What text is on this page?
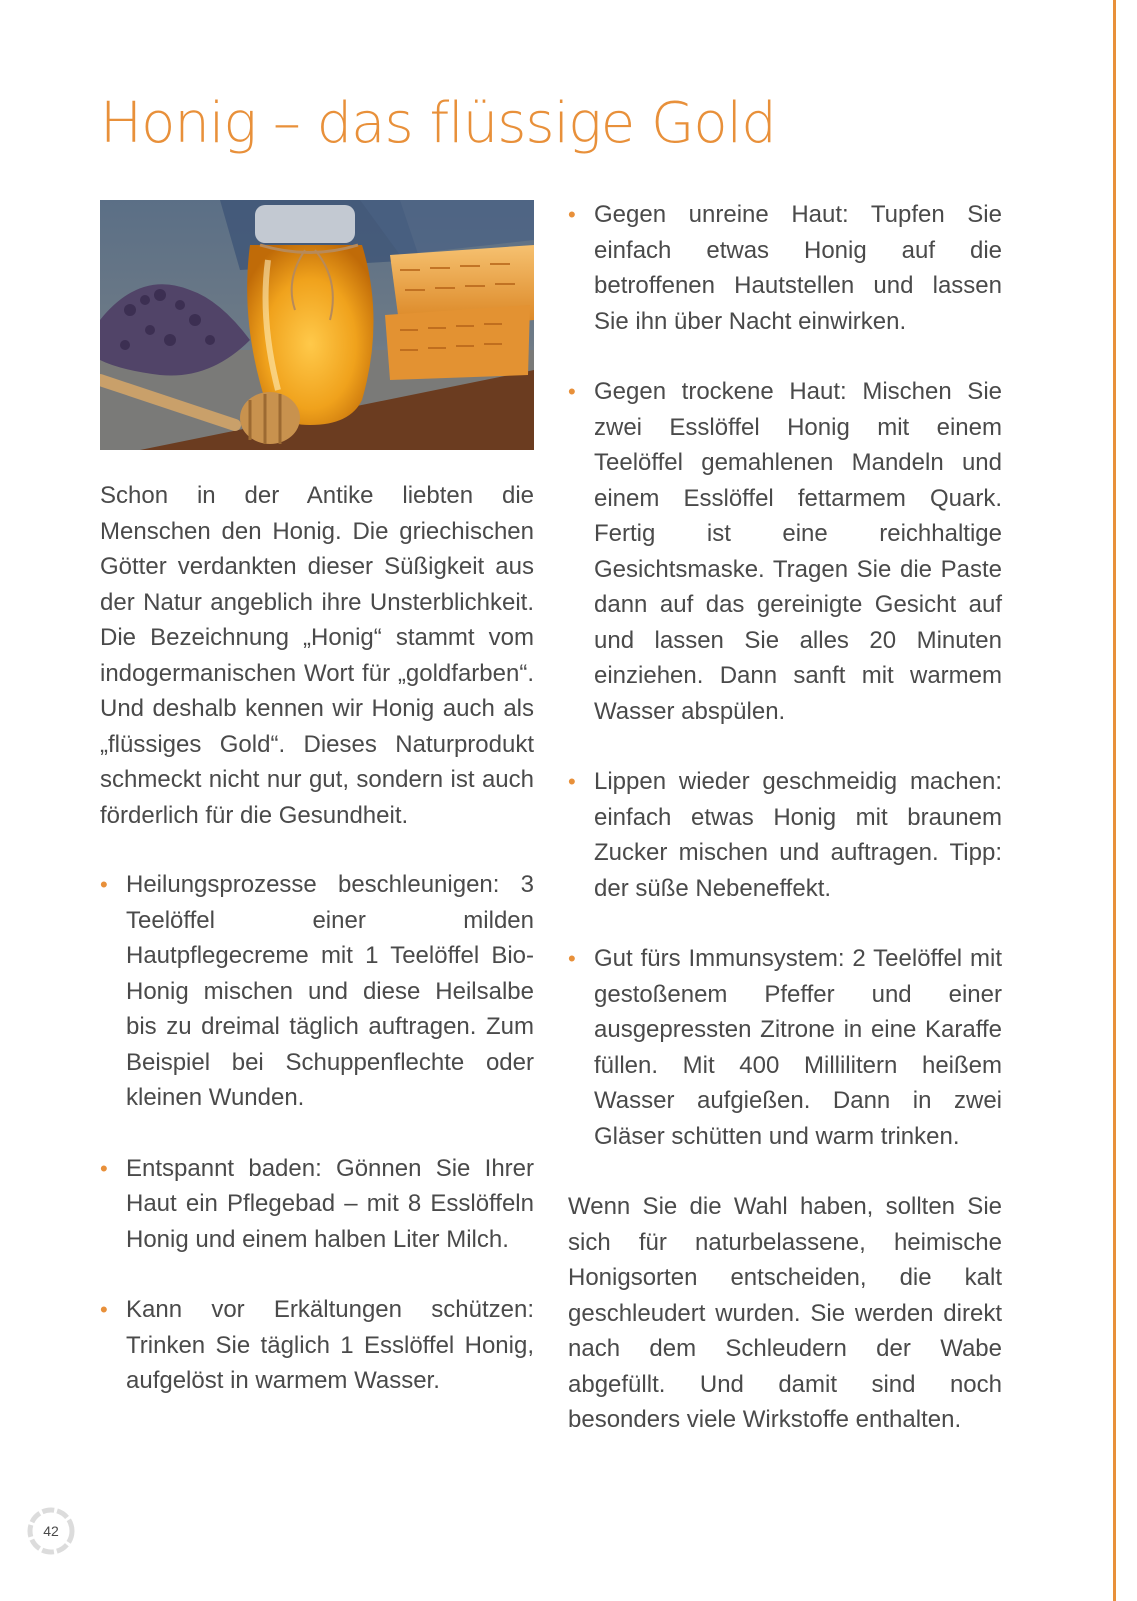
Honig – das flüssige Gold

Schon in der Antike liebten die Menschen den Honig. Die griechischen Götter verdankten dieser Süßigkeit aus der Natur angeblich ihre Unsterblichkeit. Die Bezeichnung „Honig“ stammt vom indogermanischen Wort für „goldfarben“. Und deshalb kennen wir Honig auch als „flüssiges Gold“. Dieses Naturprodukt schmeckt nicht nur gut, sondern ist auch förderlich für die Gesundheit.

• Heilungsprozesse beschleunigen: 3 Teelöffel einer milden Hautpflegecreme mit 1 Teelöffel Bio-Honig mischen und diese Heilsalbe bis zu dreimal täglich auftragen. Zum Beispiel bei Schuppenflechte oder kleinen Wunden.
• Entspannt baden: Gönnen Sie Ihrer Haut ein Pflegebad – mit 8 Esslöffeln Honig und einem halben Liter Milch.
• Kann vor Erkältungen schützen: Trinken Sie täglich 1 Esslöffel Honig, aufgelöst in warmem Wasser.
• Gegen unreine Haut: Tupfen Sie einfach etwas Honig auf die betroffenen Hautstellen und lassen Sie ihn über Nacht einwirken.
• Gegen trockene Haut: Mischen Sie zwei Esslöffel Honig mit einem Teelöffel gemahlenen Mandeln und einem Esslöffel fettarmem Quark. Fertig ist eine reichhaltige Gesichtsmaske. Tragen Sie die Paste dann auf das gereinigte Gesicht auf und lassen Sie alles 20 Minuten einziehen. Dann sanft mit warmem Wasser abspülen.
• Lippen wieder geschmeidig machen: einfach etwas Honig mit braunem Zucker mischen und auftragen. Tipp: der süße Nebeneffekt.
• Gut fürs Immunsystem: 2 Teelöffel mit gestoßenem Pfeffer und einer ausgepressten Zitrone in eine Karaffe füllen. Mit 400 Millilitern heißem Wasser aufgießen. Dann in zwei Gläser schütten und warm trinken.

Wenn Sie die Wahl haben, sollten Sie sich für naturbelassene, heimische Honigsorten entscheiden, die kalt geschleudert wurden. Sie werden direkt nach dem Schleudern der Wabe abgefüllt. Und damit sind noch besonders viele Wirkstoffe enthalten.

42
